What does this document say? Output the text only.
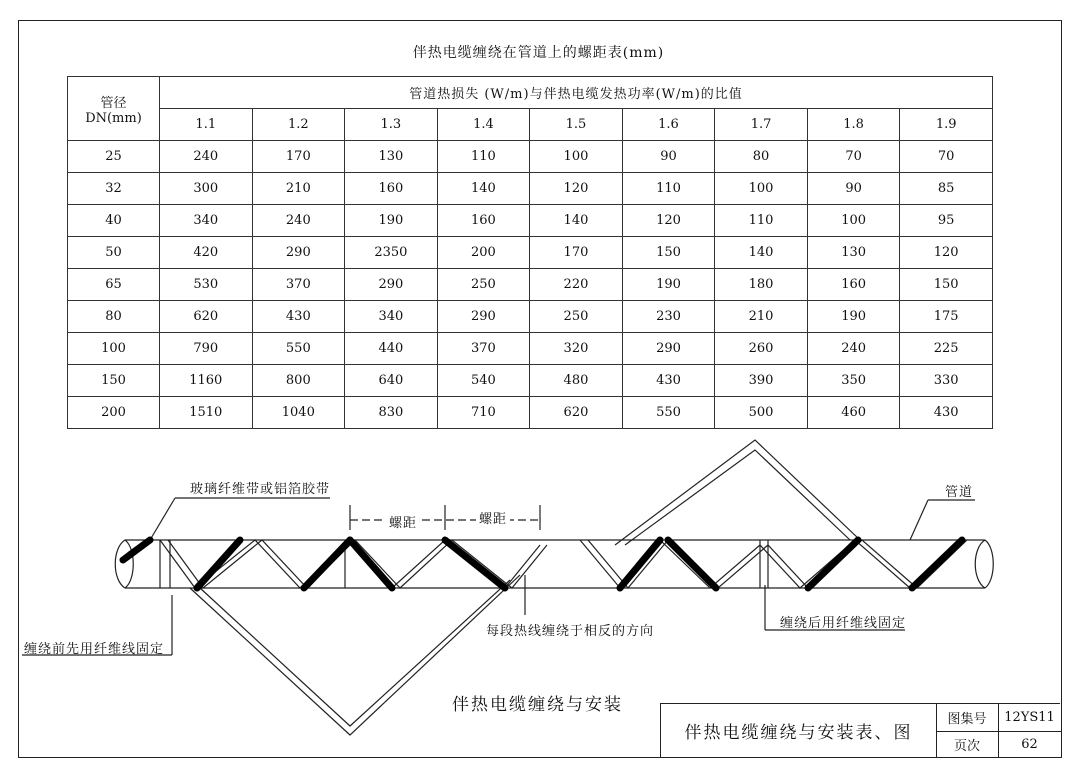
伴热电缆缠绕在管道上的螺距表(mm)
管径
DN(mm)	管道热损失 (W/m)与伴热电缆发热功率(W/m)的比值								
	1.1	1.2	1.3	1.4	1.5	1.6	1.7	1.8	1.9
25	240	170	130	110	100	90	80	70	70
32	300	210	160	140	120	110	100	90	85
40	340	240	190	160	140	120	110	100	95
50	420	290	2350	200	170	150	140	130	120
65	530	370	290	250	220	190	180	160	150
80	620	430	340	290	250	230	210	190	175
100	790	550	440	370	320	290	260	240	225
150	1160	800	640	540	480	430	390	350	330
200	1510	1040	830	710	620	550	500	460	430
玻璃纤维带或铝箔胶带
螺距	螺距
管道
缠绕前先用纤维线固定
每段热线缠绕于相反的方向
缠绕后用纤维线固定
伴热电缆缠绕与安装
伴热电缆缠绕与安装表、图
图集号	12YS11
页次	62
